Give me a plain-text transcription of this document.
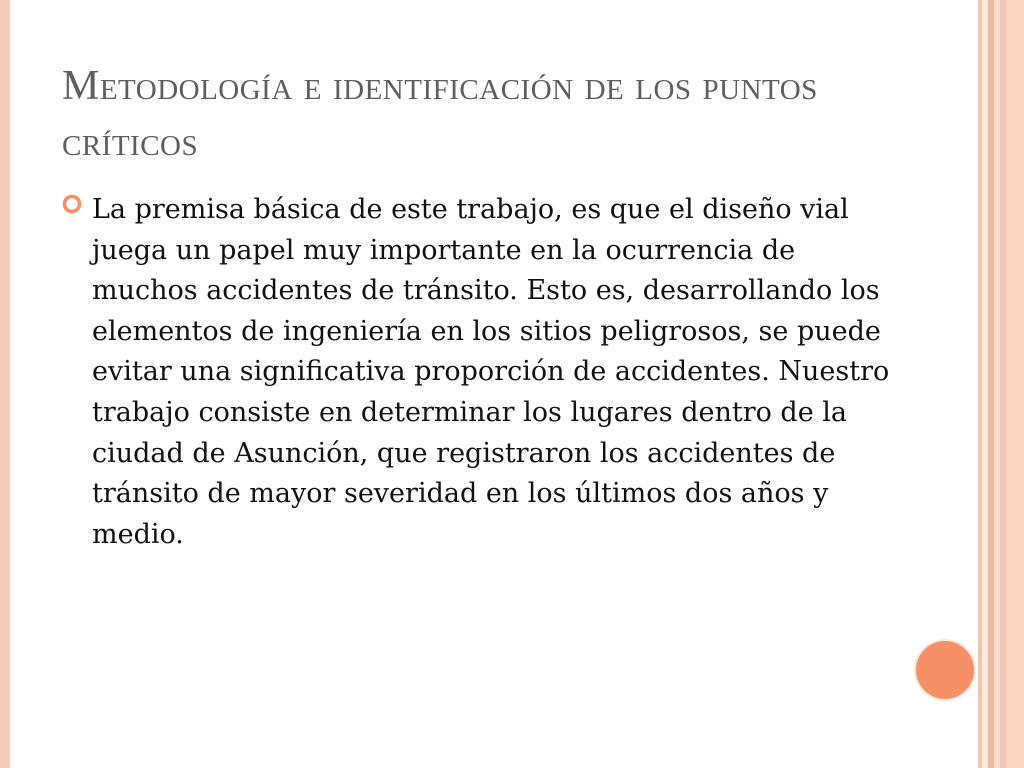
Metodología e identificación de los puntos críticos

La premisa básica de este trabajo, es que el diseño vial juega un papel muy importante en la ocurrencia de muchos accidentes de tránsito. Esto es, desarrollando los elementos de ingeniería en los sitios peligrosos, se puede evitar una significativa proporción de accidentes. Nuestro trabajo consiste en determinar los lugares dentro de la ciudad de Asunción, que registraron los accidentes de tránsito de mayor severidad en los últimos dos años y medio.
